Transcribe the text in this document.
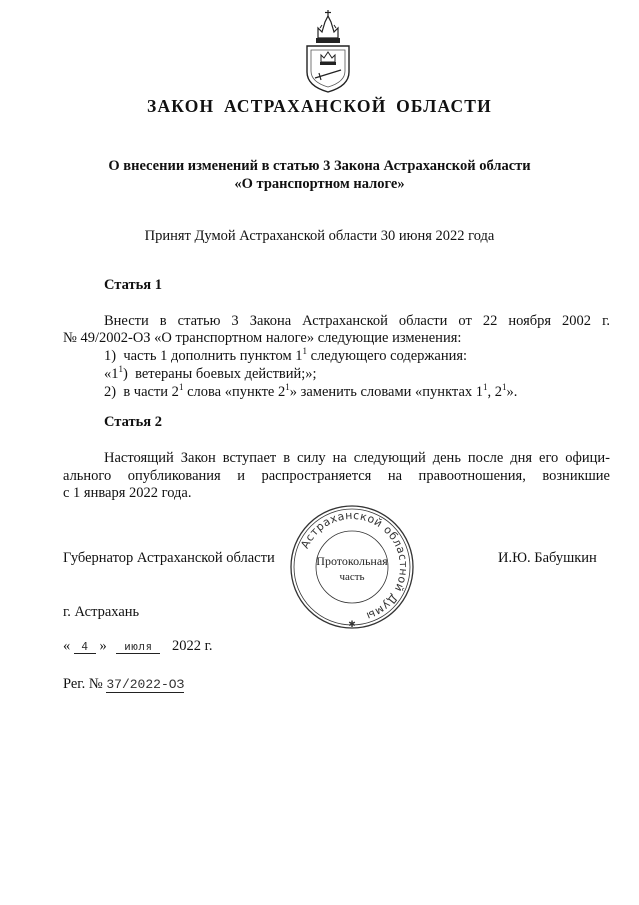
ЗАКОН АСТРАХАНСКОЙ ОБЛАСТИ
О внесении изменений в статью 3 Закона Астраханской области
«О транспортном налоге»
Принят Думой Астраханской области 30 июня 2022 года
Статья 1
Внести в статью 3 Закона Астраханской области от 22 ноября 2002 г.
№ 49/2002-ОЗ «О транспортном налоге» следующие изменения:
1)  часть 1 дополнить пунктом $1^1$ следующего содержания:
«$1^1$)  ветераны боевых действий;»;
2)  в части $2^1$ слова «пункте $2^1$» заменить словами «пунктах $1^1$, $2^1$».
Статья 2
Настоящий Закон вступает в силу на следующий день после дня его офици-
ального опубликования и распространяется на правоотношения, возникшие
с 1 января 2022 года.
Губернатор Астраханской области	И.Ю. Бабушкин
Астраханской областной Думы
Протокольная
часть
✱
г. Астрахань
« 4 » июля 2022 г.
Рег. № 37/2022-ОЗ
